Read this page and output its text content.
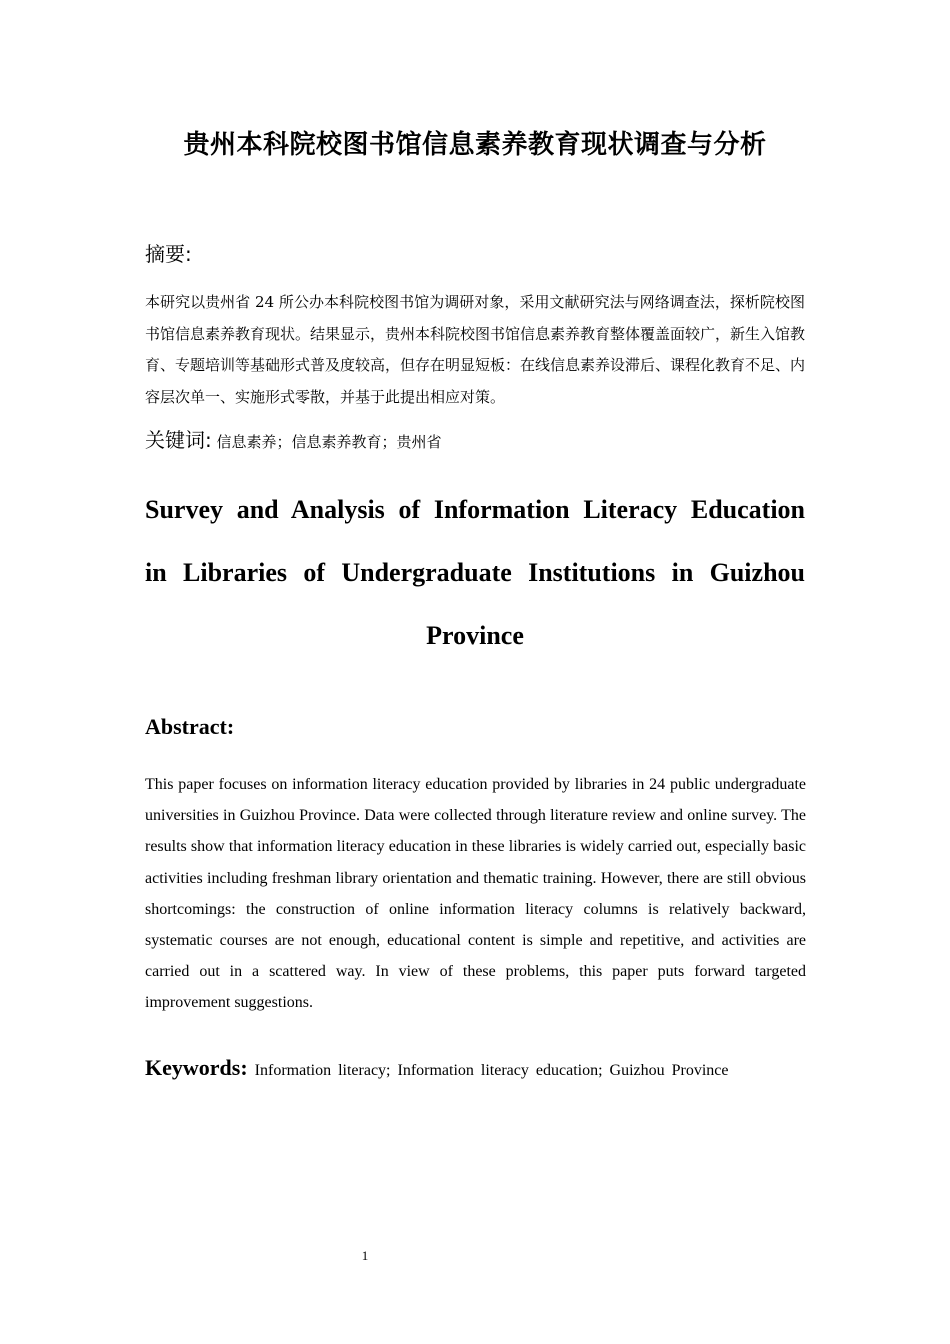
贵州本科院校图书馆信息素养教育现状调查与分析
摘要:
本研究以贵州省 24 所公办本科院校图书馆为调研对象，采用文献研究法与网络调查法，探析院校图书馆信息素养教育现状。结果显示，贵州本科院校图书馆信息素养教育整体覆盖面较广，新生入馆教育、专题培训等基础形式普及度较高，但存在明显短板：在线信息素养设滞后、课程化教育不足、内容层次单一、实施形式零散，并基于此提出相应对策。
关键词: 信息素养；信息素养教育；贵州省
Survey and Analysis of Information Literacy Education in Libraries of Undergraduate Institutions in Guizhou Province
Abstract:
This paper focuses on information literacy education provided by libraries in 24 public undergraduate universities in Guizhou Province. Data were collected through literature review and online survey. The results show that information literacy education in these libraries is widely carried out, especially basic activities including freshman library orientation and thematic training. However, there are still obvious shortcomings: the construction of online information literacy columns is relatively backward, systematic courses are not enough, educational content is simple and repetitive, and activities are carried out in a scattered way. In view of these problems, this paper puts forward targeted improvement suggestions.
Keywords: Information literacy; Information literacy education; Guizhou Province
1
